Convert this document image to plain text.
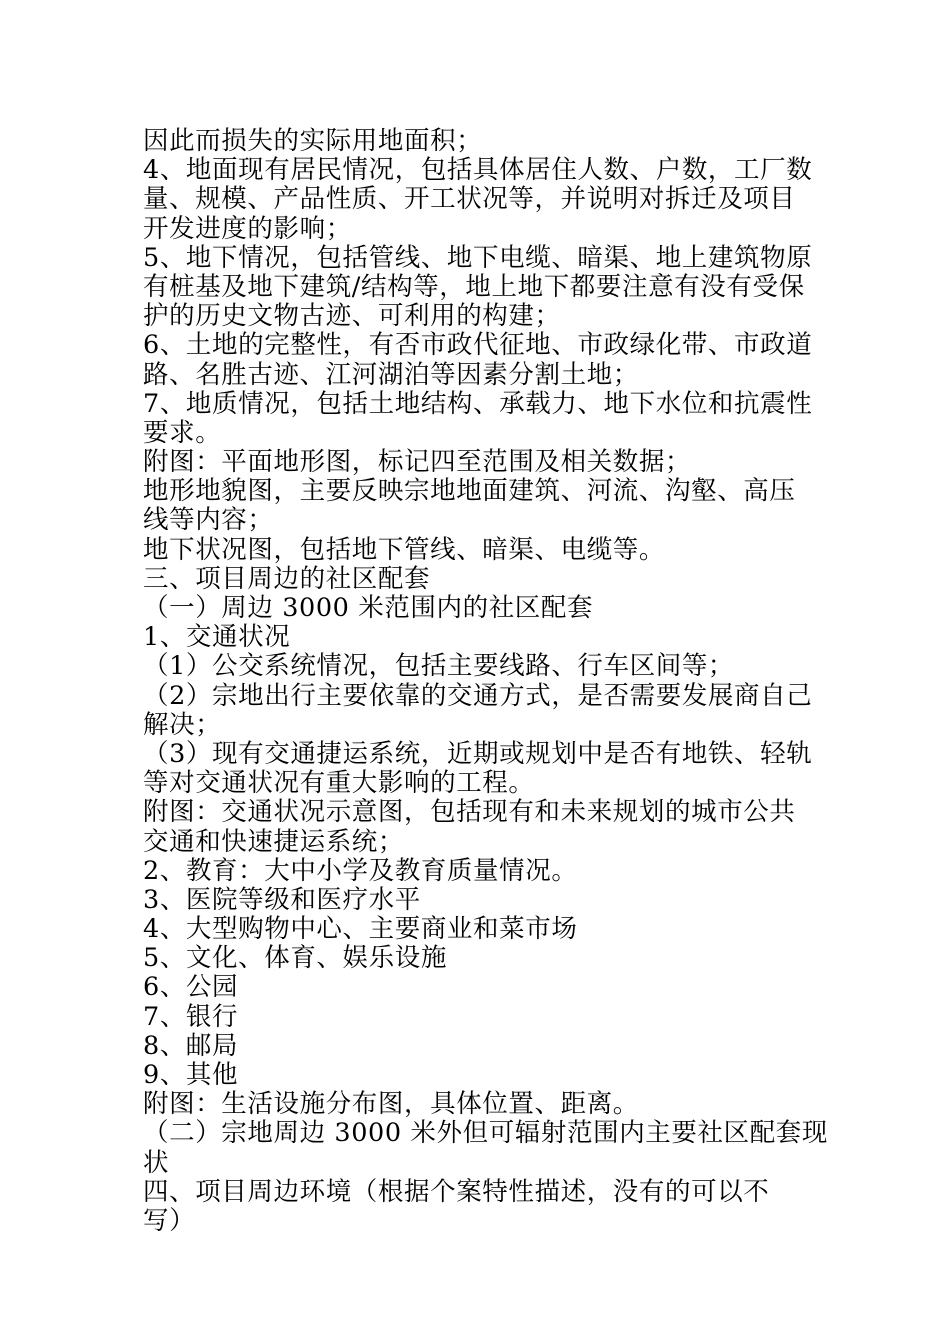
因此而损失的实际用地面积；
4、地面现有居民情况，包括具体居住人数、户数，工厂数
量、规模、产品性质、开工状况等，并说明对拆迁及项目
开发进度的影响；
5、地下情况，包括管线、地下电缆、暗渠、地上建筑物原
有桩基及地下建筑/结构等，地上地下都要注意有没有受保
护的历史文物古迹、可利用的构建；
6、土地的完整性，有否市政代征地、市政绿化带、市政道
路、名胜古迹、江河湖泊等因素分割土地；
7、地质情况，包括土地结构、承载力、地下水位和抗震性
要求。
附图：平面地形图，标记四至范围及相关数据；
地形地貌图，主要反映宗地地面建筑、河流、沟壑、高压
线等内容；
地下状况图，包括地下管线、暗渠、电缆等。
三、项目周边的社区配套
（一）周边 3000 米范围内的社区配套
1、交通状况
（1）公交系统情况，包括主要线路、行车区间等；
（2）宗地出行主要依靠的交通方式，是否需要发展商自己
解决；
（3）现有交通捷运系统，近期或规划中是否有地铁、轻轨
等对交通状况有重大影响的工程。
附图：交通状况示意图，包括现有和未来规划的城市公共
交通和快速捷运系统；
2、教育：大中小学及教育质量情况。
3、医院等级和医疗水平
4、大型购物中心、主要商业和菜市场
5、文化、体育、娱乐设施
6、公园
7、银行
8、邮局
9、其他
附图：生活设施分布图，具体位置、距离。
（二）宗地周边 3000 米外但可辐射范围内主要社区配套现
状
四、项目周边环境（根据个案特性描述，没有的可以不
写）
